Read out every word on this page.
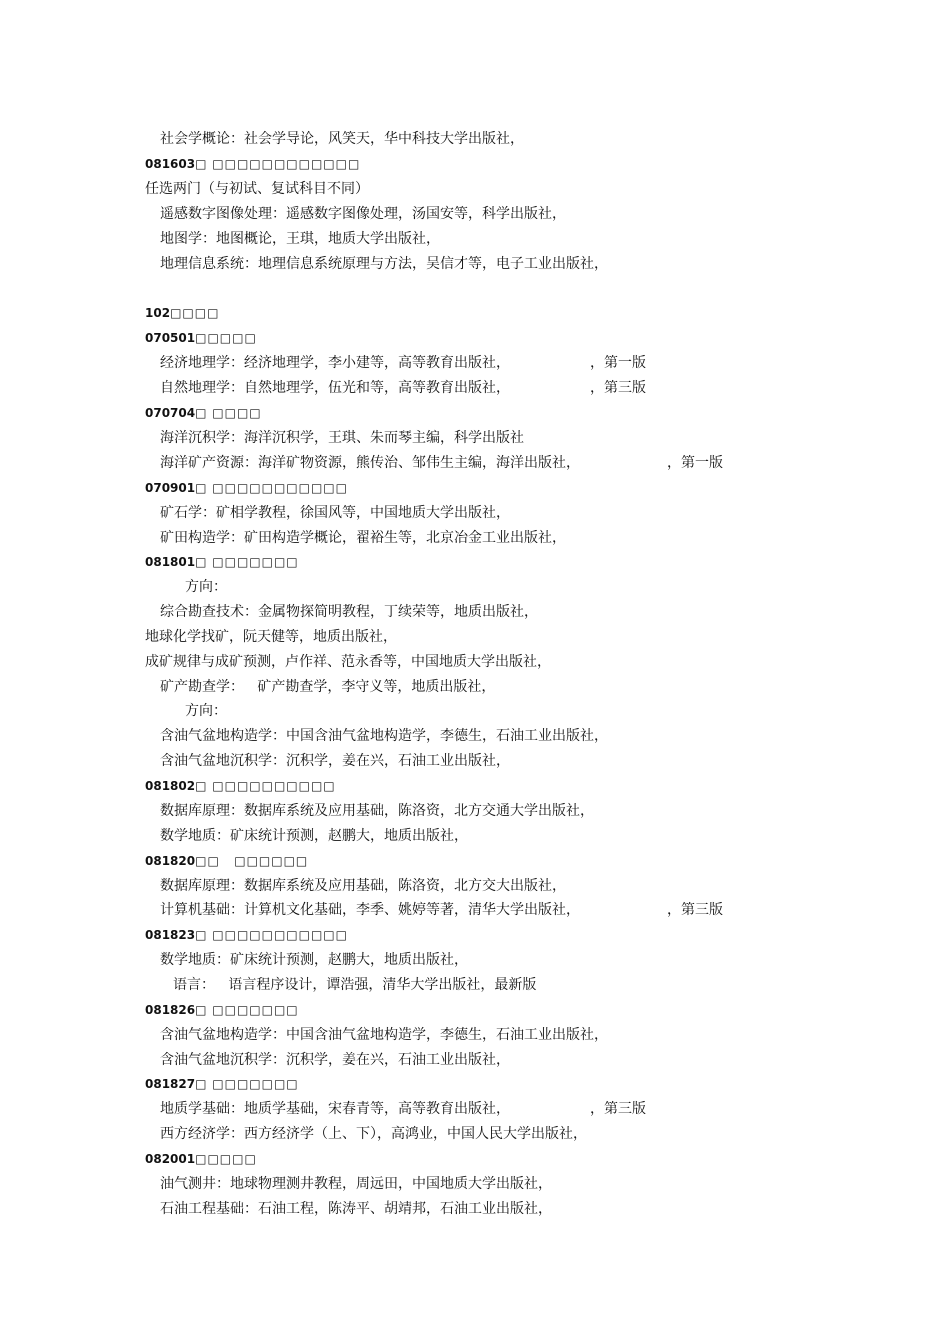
社会学概论：社会学导论，风笑天，华中科技大学出版社，
081603□ □□□□□□□□□□□□
任选两门（与初试、复试科目不同）
遥感数字图像处理：遥感数字图像处理，汤国安等，科学出版社，
地图学：地图概论，王琪，地质大学出版社，
地理信息系统：地理信息系统原理与方法，吴信才等，电子工业出版社，
102□□□□
070501□□□□□
经济地理学：经济地理学，李小建等，高等教育出版社，	，第一版
自然地理学：自然地理学，伍光和等，高等教育出版社，	，第三版
070704□ □□□□
海洋沉积学：海洋沉积学，王琪、朱而琴主编，科学出版社
海洋矿产资源：海洋矿物资源，熊传治、邹伟生主编，海洋出版社，	，第一版
070901□ □□□□□□□□□□□
矿石学：矿相学教程，徐国风等，中国地质大学出版社，
矿田构造学：矿田构造学概论，翟裕生等，北京冶金工业出版社，
081801□ □□□□□□□
方向：
综合勘查技术：金属物探简明教程，丁续荣等，地质出版社，
地球化学找矿，阮天健等，地质出版社，
成矿规律与成矿预测，卢作祥、范永香等，中国地质大学出版社，
矿产勘查学：   矿产勘查学，李守义等，地质出版社，
方向：
含油气盆地构造学：中国含油气盆地构造学，李德生，石油工业出版社，
含油气盆地沉积学：沉积学，姜在兴，石油工业出版社，
081802□ □□□□□□□□□□
数据库原理：数据库系统及应用基础，陈洛资，北方交通大学出版社，
数学地质：矿床统计预测，赵鹏大，地质出版社，
081820□□   □□□□□□
数据库原理：数据库系统及应用基础，陈洛资，北方交大出版社，
计算机基础：计算机文化基础，李季、姚婷等著，清华大学出版社，	，第三版
081823□ □□□□□□□□□□□
数学地质：矿床统计预测，赵鹏大，地质出版社，
语言：   语言程序设计，谭浩强，清华大学出版社，最新版
081826□ □□□□□□□
含油气盆地构造学：中国含油气盆地构造学，李德生，石油工业出版社，
含油气盆地沉积学：沉积学，姜在兴，石油工业出版社，
081827□ □□□□□□□
地质学基础：地质学基础，宋春青等，高等教育出版社，	，第三版
西方经济学：西方经济学（上、下），高鸿业，中国人民大学出版社，
082001□□□□□
油气测井：地球物理测井教程，周远田，中国地质大学出版社，
石油工程基础：石油工程，陈涛平、胡靖邦，石油工业出版社，
